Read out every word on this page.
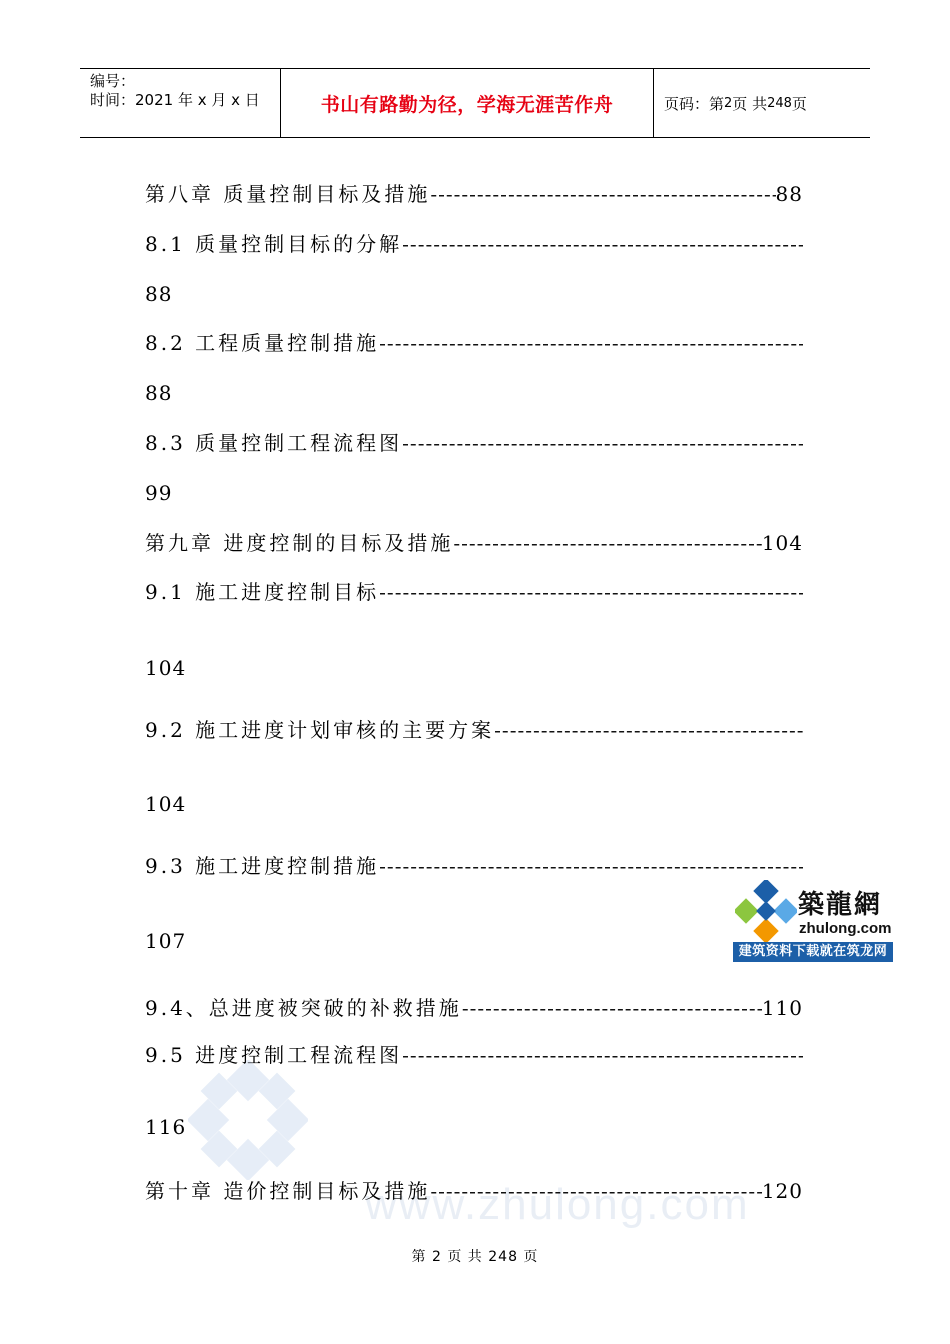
编号：
时间：2021 年 x 月 x 日	书山有路勤为径，学海无涯苦作舟	页码：第 2 页 共 248 页
www.zhulong.com
第八章 质量控制目标及措施 -----	88
8.1 质量控制目标的分解
-----
88
8.2 工程质量控制措施
-----
88
8.3 质量控制工程流程图
-----
99
第九章 进度控制的目标及措施 -----	104
9.1 施工进度控制目标
-----
104
9.2 施工进度计划审核的主要方案
-----
104
9.3 施工进度控制措施
-----
107
9.4、总进度被突破的补救措施 -----	110
9.5 进度控制工程流程图
-----
116
第十章 造价控制目标及措施 -----	120
築龍網
zhulong.com
建筑资料下载就在筑龙网
第 2 页 共 248 页
